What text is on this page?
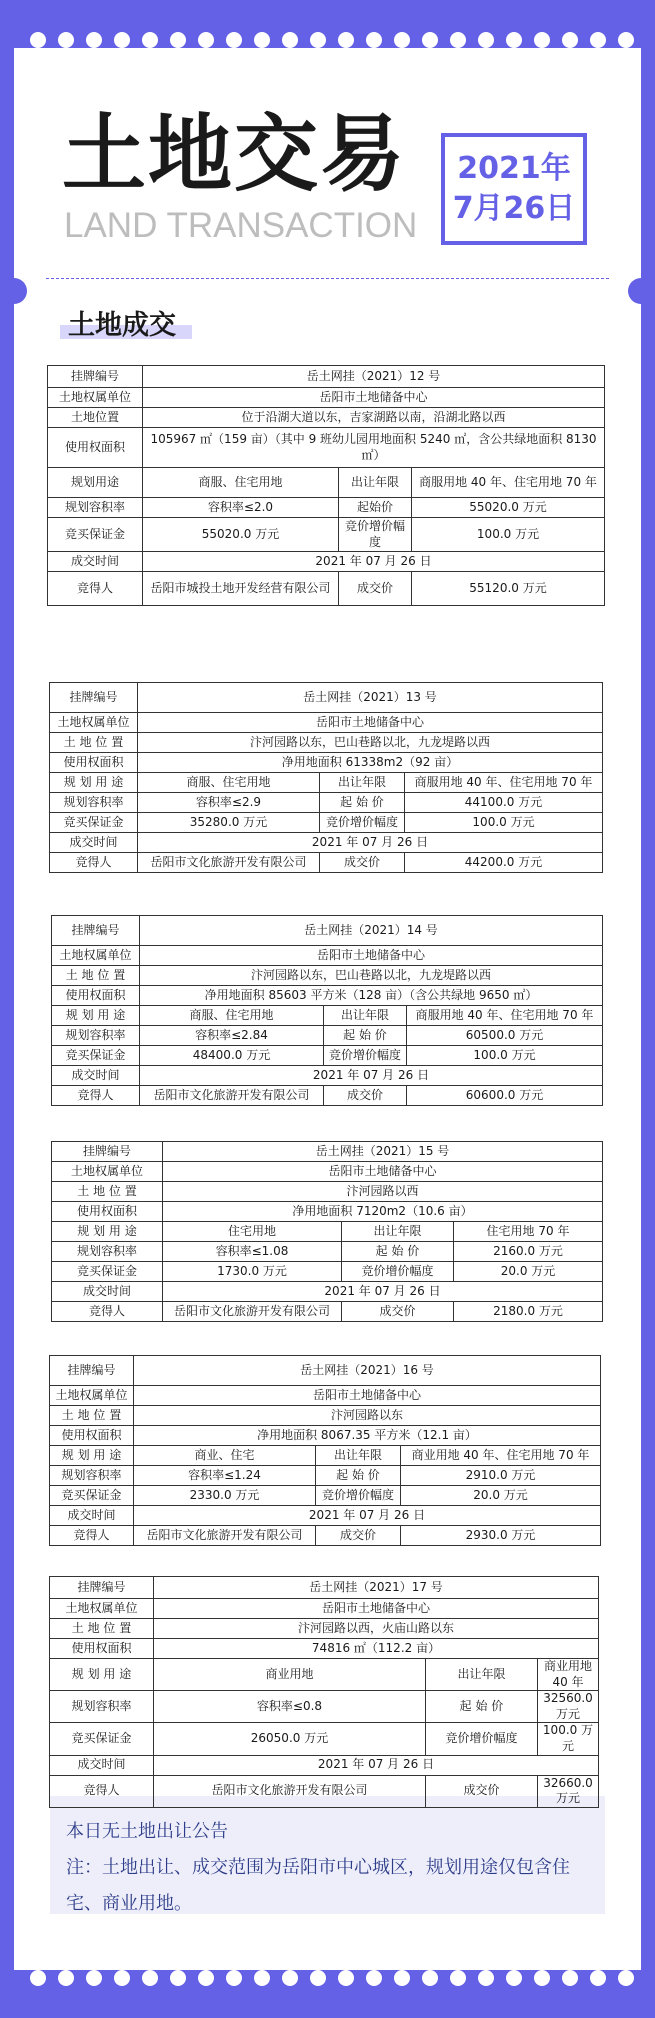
土地交易
LAND TRANSACTION
2021年
7月26日
土地成交
挂牌编号	岳土网挂（2021）12 号		
土地权属单位	岳阳市土地储备中心		
土地位置	位于沿湖大道以东，吉家湖路以南，沿湖北路以西		
使用权面积	105967 ㎡（159 亩）（其中 9 班幼儿园用地面积 5240 ㎡，含公共绿地面积 8130 ㎡）		
规划用途	商服、住宅用地	出让年限	商服用地 40 年、住宅用地 70 年
规划容积率	容积率≤2.0	起始价	55020.0 万元
竞买保证金	55020.0 万元	竞价增价幅度	100.0 万元
成交时间	2021 年 07 月 26 日		
竞得人	岳阳市城投土地开发经营有限公司	成交价	55120.0 万元
挂牌编号	岳土网挂（2021）13 号		
土地权属单位	岳阳市土地储备中心		
土 地 位 置	汴河园路以东，巴山巷路以北，九龙堤路以西		
使用权面积	净用地面积 61338m2（92 亩）		
规 划 用 途	商服、住宅用地	出让年限	商服用地 40 年、住宅用地 70 年
规划容积率	容积率≤2.9	起 始 价	44100.0 万元
竞买保证金	35280.0 万元	竞价增价幅度	100.0 万元
成交时间	2021 年 07 月 26 日		
竞得人	岳阳市文化旅游开发有限公司	成交价	44200.0 万元
挂牌编号	岳土网挂（2021）14 号		
土地权属单位	岳阳市土地储备中心		
土 地 位 置	汴河园路以东，巴山巷路以北，九龙堤路以西		
使用权面积	净用地面积 85603 平方米（128 亩）（含公共绿地 9650 ㎡）		
规 划 用 途	商服、住宅用地	出让年限	商服用地 40 年、住宅用地 70 年
规划容积率	容积率≤2.84	起 始 价	60500.0 万元
竞买保证金	48400.0 万元	竞价增价幅度	100.0 万元
成交时间	2021 年 07 月 26 日		
竞得人	岳阳市文化旅游开发有限公司	成交价	60600.0 万元
挂牌编号	岳土网挂（2021）15 号		
土地权属单位	岳阳市土地储备中心		
土 地 位 置	汴河园路以西		
使用权面积	净用地面积 7120m2（10.6 亩）		
规 划 用 途	住宅用地	出让年限	住宅用地 70 年
规划容积率	容积率≤1.08	起 始 价	2160.0 万元
竞买保证金	1730.0 万元	竞价增价幅度	20.0 万元
成交时间	2021 年 07 月 26 日		
竞得人	岳阳市文化旅游开发有限公司	成交价	2180.0 万元
挂牌编号	岳土网挂（2021）16 号		
土地权属单位	岳阳市土地储备中心		
土 地 位 置	汴河园路以东		
使用权面积	净用地面积 8067.35 平方米（12.1 亩）		
规 划 用 途	商业、住宅	出让年限	商业用地 40 年、住宅用地 70 年
规划容积率	容积率≤1.24	起 始 价	2910.0 万元
竞买保证金	2330.0 万元	竞价增价幅度	20.0 万元
成交时间	2021 年 07 月 26 日		
竞得人	岳阳市文化旅游开发有限公司	成交价	2930.0 万元
挂牌编号	岳土网挂（2021）17 号		
土地权属单位	岳阳市土地储备中心		
土 地 位 置	汴河园路以西，火庙山路以东		
使用权面积	74816 ㎡（112.2 亩）		
规 划 用 途	商业用地	出让年限	商业用地 40 年
规划容积率	容积率≤0.8	起 始 价	32560.0 万元
竞买保证金	26050.0 万元	竞价增价幅度	100.0 万元
成交时间	2021 年 07 月 26 日		
竞得人	岳阳市文化旅游开发有限公司	成交价	32660.0 万元

本日无土地出让公告

注：土地出让、成交范围为岳阳市中心城区，规划用途仅包含住宅、商业用地。
